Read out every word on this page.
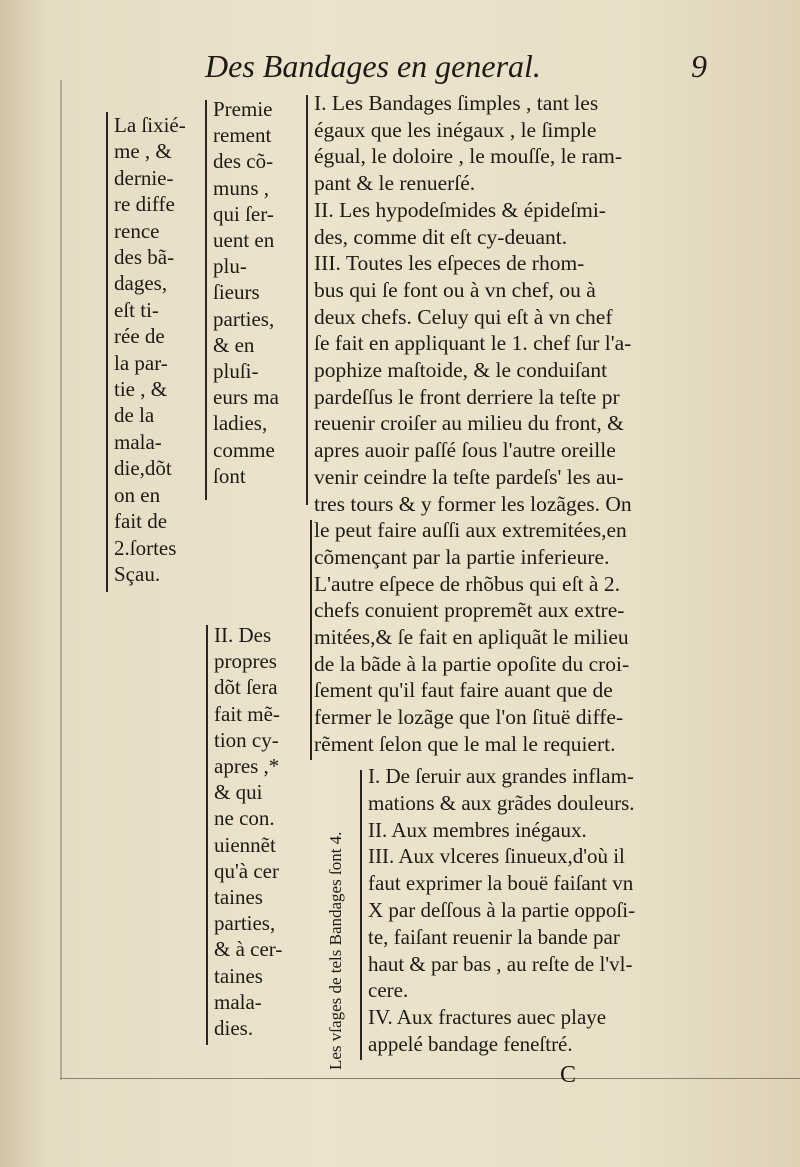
Des Bandages en general.	9
La ſixié-
me , &
dernie-
re diffe
rence
des bã-
dages,
eſt ti-
rée de
la par-
tie , &
de la
mala-
die,dõt
on en
fait de
2.ſortes
Sçau.
Premie
rement
des cõ-
muns ,
qui ſer-
uent en
plu-
ſieurs
parties,
& en
pluſi-
eurs ma
ladies,
comme
ſont
II. Des
propres
dõt ſera
fait mẽ-
tion cy-
apres ,*
& qui
ne con.
uiennẽt
qu'à cer
taines
parties,
& à cer-
taines
mala-
dies.
I. Les Bandages ſimples , tant les
égaux que les inégaux , le ſimple
égual, le doloire , le mouſſe, le ram-
pant & le renuerſé.
II. Les hypodeſmides & épideſmi-
des, comme dit eſt cy-deuant.
III. Toutes les eſpeces de rhom-
bus qui ſe font ou à vn chef, ou à
deux chefs. Celuy qui eſt à vn chef
ſe fait en appliquant le 1. chef ſur l'a-
pophize maſtoide, & le conduiſant
pardeſſus le front derriere la teſte pr
reuenir croiſer au milieu du front, &
apres auoir paſſé ſous l'autre oreille
venir ceindre la teſte pardeſs' les au-
tres tours & y former les lozãges. On
le peut faire auſſi aux extremitées,en
cõmençant par la partie inferieure.
L'autre eſpece de rhõbus qui eſt à 2.
chefs conuient propremẽt aux extre-
mitées,& ſe fait en apliquãt le milieu
de la bãde à la partie opoſite du croi-
ſement qu'il faut faire auant que de
fermer le lozãge que l'on ſituë diffe-
rẽment ſelon que le mal le requiert.
Les vſages de tels Bandages ſont 4.
I. De ſeruir aux grandes inflam-
mations & aux grãdes douleurs.
II. Aux membres inégaux.
III. Aux vlceres ſinueux,d'où il
faut exprimer la bouë faiſant vn
X par deſſous à la partie oppoſi-
te, faiſant reuenir la bande par
haut & par bas , au reſte de l'vl-
cere.
IV. Aux fractures auec playe
appelé bandage feneſtré.
C
